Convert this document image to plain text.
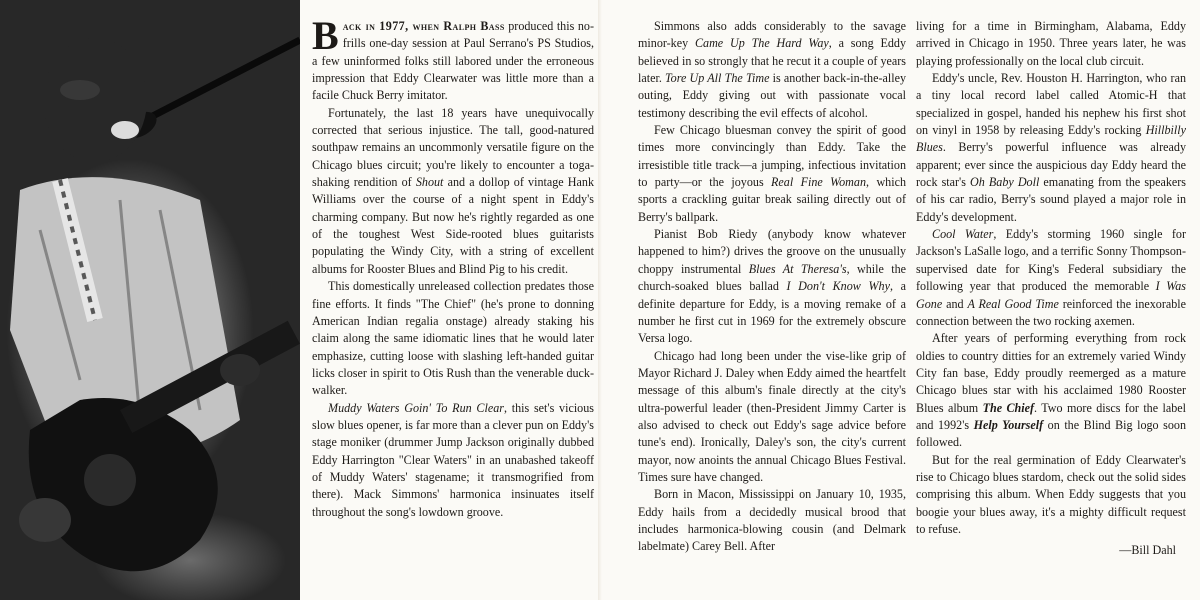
Back in 1977, when Ralph Bass produced this no-frills one-day session at Paul Serrano's PS Studios, a few uninformed folks still labored under the erroneous impression that Eddy Clearwater was little more than a facile Chuck Berry imitator.

Fortunately, the last 18 years have unequivocally corrected that serious injustice. The tall, good-natured southpaw remains an uncommonly versatile figure on the Chicago blues circuit; you're likely to encounter a toga-shaking rendition of Shout and a dollop of vintage Hank Williams over the course of a night spent in Eddy's charming company. But now he's rightly regarded as one of the toughest West Side-rooted blues guitarists populating the Windy City, with a string of excellent albums for Rooster Blues and Blind Pig to his credit.

This domestically unreleased collection predates those fine efforts. It finds "The Chief" (he's prone to donning American Indian regalia onstage) already staking his claim along the same idiomatic lines that he would later emphasize, cutting loose with slashing left-handed guitar licks closer in spirit to Otis Rush than the venerable duck-walker.

Muddy Waters Goin' To Run Clear, this set's vicious slow blues opener, is far more than a clever pun on Eddy's stage moniker (drummer Jump Jackson originally dubbed Eddy Harrington "Clear Waters" in an unabashed takeoff of Muddy Waters' stagename; it transmogrified from there). Mack Simmons' harmonica insinuates itself throughout the song's lowdown groove.

Simmons also adds considerably to the savage minor-key Came Up The Hard Way, a song Eddy believed in so strongly that he recut it a couple of years later. Tore Up All The Time is another back-in-the-alley outing, Eddy giving out with passionate vocal testimony describing the evil effects of alcohol.

Few Chicago bluesman convey the spirit of good times more convincingly than Eddy. Take the irresistible title track—a jumping, infectious invitation to party—or the joyous Real Fine Woman, which sports a crackling guitar break sailing directly out of Berry's ballpark.

Pianist Bob Riedy (anybody know whatever happened to him?) drives the groove on the unusually choppy instrumental Blues At Theresa's, while the church-soaked blues ballad I Don't Know Why, a definite departure for Eddy, is a moving remake of a number he first cut in 1969 for the extremely obscure Versa logo.

Chicago had long been under the vise-like grip of Mayor Richard J. Daley when Eddy aimed the heartfelt message of this album's finale directly at the city's ultra-powerful leader (then-President Jimmy Carter is also advised to check out Eddy's sage advice before tune's end). Ironically, Daley's son, the city's current mayor, now anoints the annual Chicago Blues Festival. Times sure have changed.

Born in Macon, Mississippi on January 10, 1935, Eddy hails from a decidedly musical brood that includes harmonica-blowing cousin (and Delmark labelmate) Carey Bell. After

living for a time in Birmingham, Alabama, Eddy arrived in Chicago in 1950. Three years later, he was playing professionally on the local club circuit.

Eddy's uncle, Rev. Houston H. Harrington, who ran a tiny local record label called Atomic-H that specialized in gospel, handed his nephew his first shot on vinyl in 1958 by releasing Eddy's rocking Hillbilly Blues. Berry's powerful influence was already apparent; ever since the auspicious day Eddy heard the rock star's Oh Baby Doll emanating from the speakers of his car radio, Berry's sound played a major role in Eddy's development.

Cool Water, Eddy's storming 1960 single for Jackson's LaSalle logo, and a terrific Sonny Thompson-supervised date for King's Federal subsidiary the following year that produced the memorable I Was Gone and A Real Good Time reinforced the inexorable connection between the two rocking axemen.

After years of performing everything from rock oldies to country ditties for an extremely varied Windy City fan base, Eddy proudly reemerged as a mature Chicago blues star with his acclaimed 1980 Rooster Blues album The Chief. Two more discs for the label and 1992's Help Yourself on the Blind Big logo soon followed.

But for the real germination of Eddy Clearwater's rise to Chicago blues stardom, check out the solid sides comprising this album. When Eddy suggests that you boogie your blues away, it's a mighty difficult request to refuse.

—Bill Dahl
